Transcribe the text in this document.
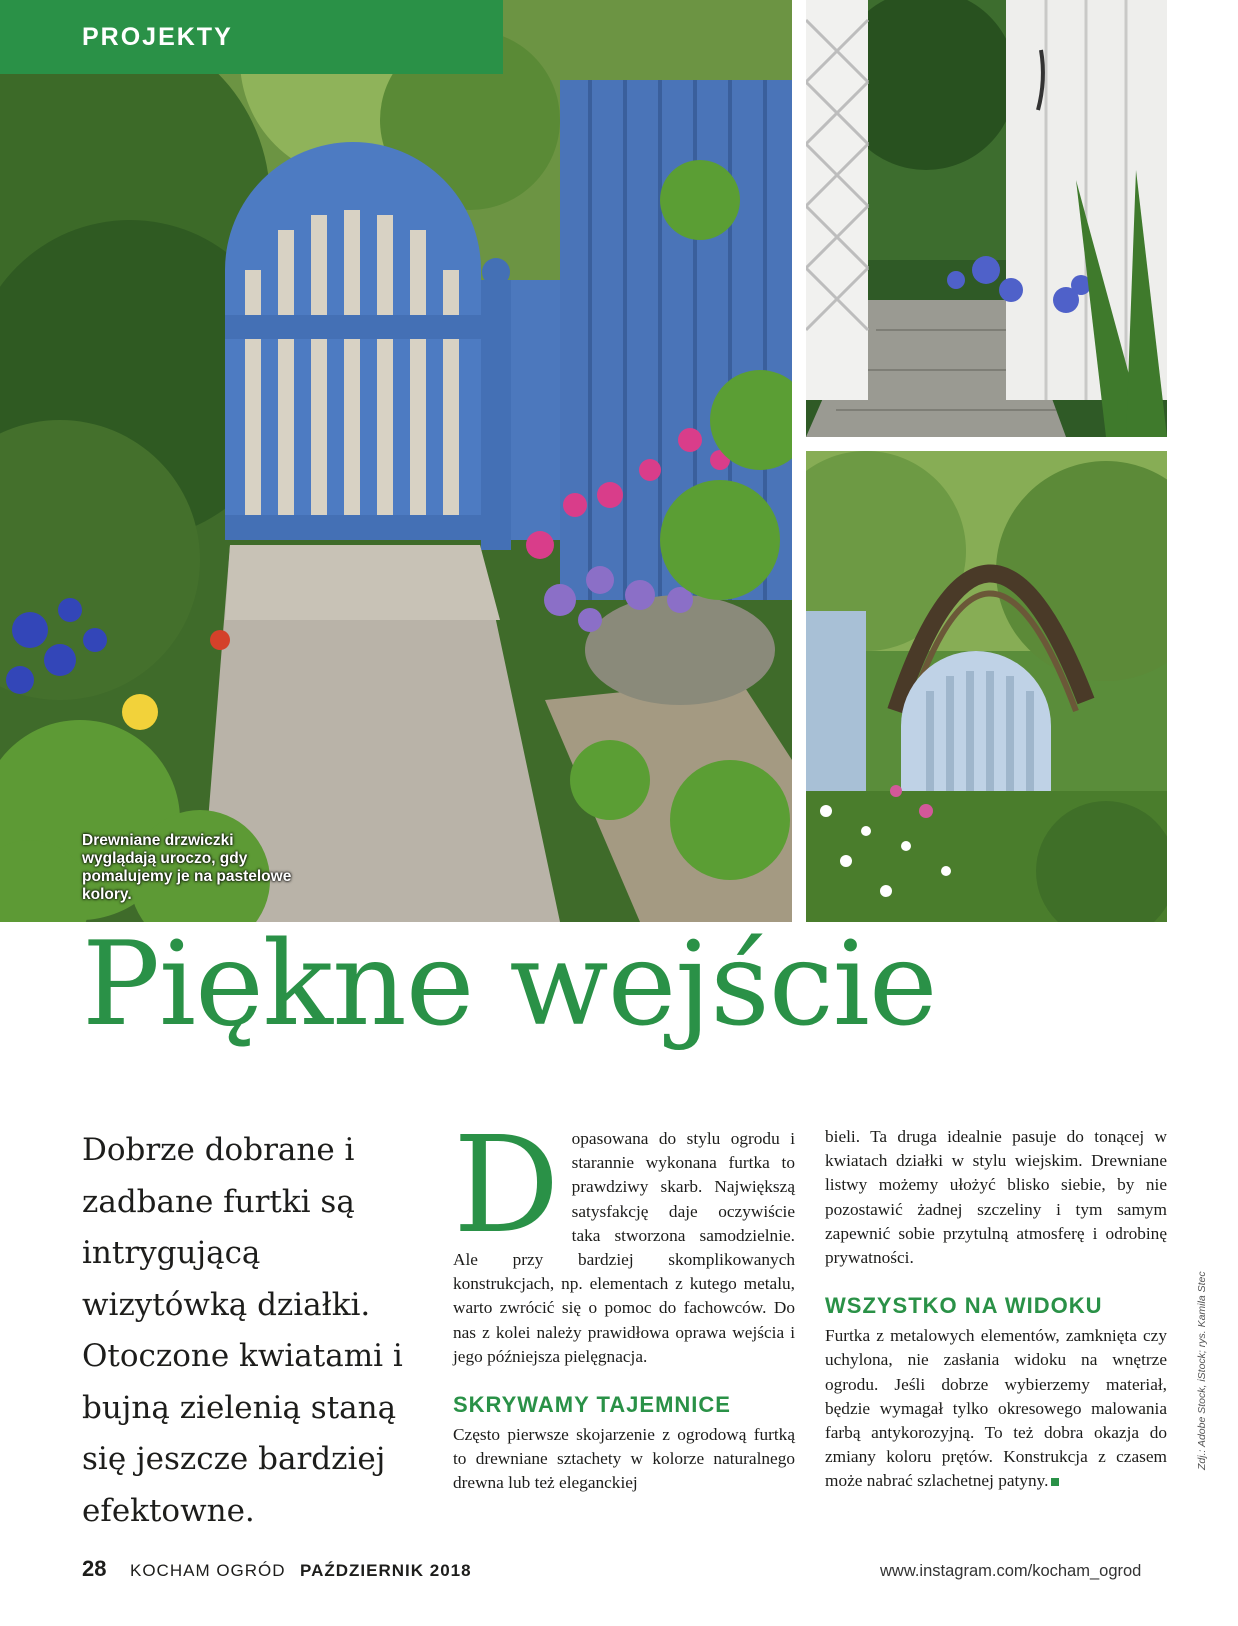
PROJEKTY
Drewniane drzwiczki wyglądają uroczo, gdy pomalujemy je na pastelowe kolory.
Piękne wejście

Dobrze dobrane i zadbane furtki są intrygującą wizytówką działki. Otoczone kwiatami i bujną zielenią staną się jeszcze bardziej efektowne.

D opasowana do stylu ogrodu i starannie wykonana furtka to prawdziwy skarb. Największą satysfakcję daje oczywiście taka stworzona samodzielnie. Ale przy bardziej skomplikowanych konstrukcjach, np. elementach z kutego metalu, warto zwrócić się o pomoc do fachowców. Do nas z kolei należy prawidłowa oprawa wejścia i jego późniejsza pielęgnacja.

SKRYWAMY TAJEMNICE

Często pierwsze skojarzenie z ogrodową furtką to drewniane sztachety w kolorze naturalnego drewna lub też eleganckiej

bieli. Ta druga idealnie pasuje do tonącej w kwiatach działki w stylu wiejskim. Drewniane listwy możemy ułożyć blisko siebie, by nie pozostawić żadnej szczeliny i tym samym zapewnić sobie przytulną atmosferę i odrobinę prywatności.

WSZYSTKO NA WIDOKU

Furtka z metalowych elementów, zamknięta czy uchylona, nie zasłania widoku na wnętrze ogrodu. Jeśli dobrze wybierzemy materiał, będzie wymagał tylko okresowego malowania farbą antykorozyjną. To też dobra okazja do zmiany koloru prętów. Konstrukcja z czasem może nabrać szlachetnej patyny.

Zdj.: Adobe Stock, iStock; rys. Kamila Stec
28 KOCHAM OGRÓD PAŹDZIERNIK 2018	www.instagram.com/kocham_ogrod
